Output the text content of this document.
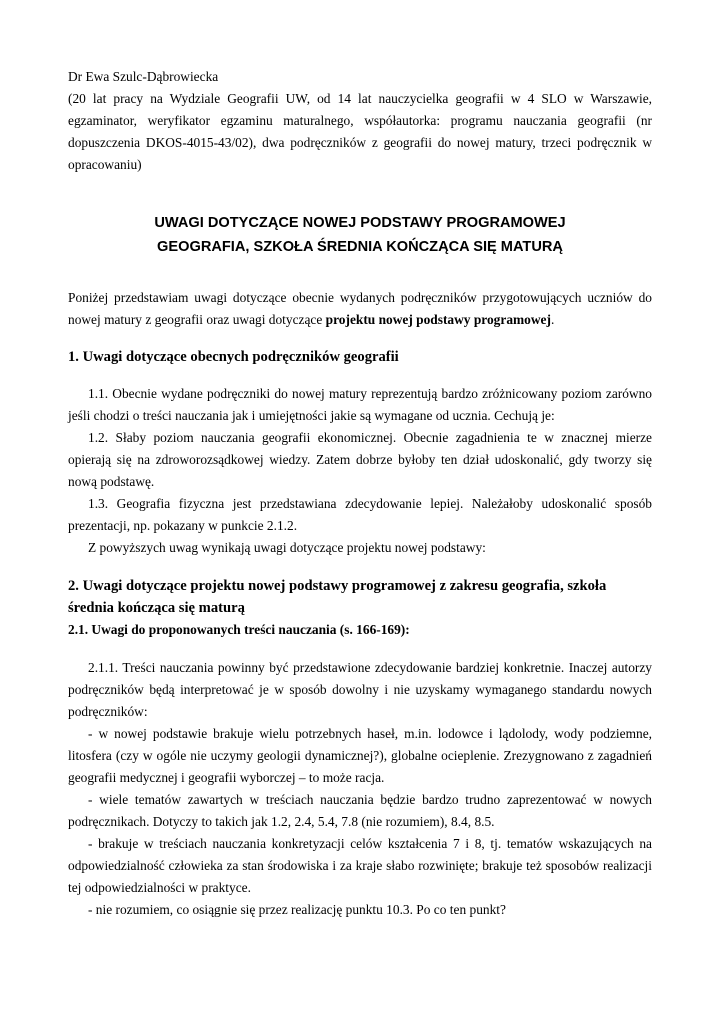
Dr Ewa Szulc-Dąbrowiecka

(20 lat pracy na Wydziale Geografii UW, od 14 lat nauczycielka geografii w 4 SLO w Warszawie, egzaminator, weryfikator egzaminu maturalnego, współautorka: programu nauczania geografii (nr dopuszczenia DKOS-4015-43/02), dwa podręczników z geografii do nowej matury, trzeci podręcznik w opracowaniu)

UWAGI DOTYCZĄCE NOWEJ PODSTAWY PROGRAMOWEJ

GEOGRAFIA, SZKOŁA ŚREDNIA KOŃCZĄCA SIĘ MATURĄ

Poniżej przedstawiam uwagi dotyczące obecnie wydanych podręczników przygotowujących uczniów do nowej matury z geografii oraz uwagi dotyczące projektu nowej podstawy programowej.

1. Uwagi dotyczące obecnych podręczników geografii

1.1. Obecnie wydane podręczniki do nowej matury reprezentują bardzo zróżnicowany poziom zarówno jeśli chodzi o treści nauczania jak i umiejętności jakie są wymagane od ucznia. Cechują je:

1.2. Słaby poziom nauczania geografii ekonomicznej. Obecnie zagadnienia te w znacznej mierze opierają się na zdroworozsądkowej wiedzy. Zatem dobrze byłoby ten dział udoskonalić, gdy tworzy się nową podstawę.

1.3. Geografia fizyczna jest przedstawiana zdecydowanie lepiej. Należałoby udoskonalić sposób prezentacji, np. pokazany w punkcie 2.1.2.

Z powyższych uwag wynikają uwagi dotyczące projektu nowej podstawy:

2. Uwagi dotyczące projektu nowej podstawy programowej z zakresu geografia, szkoła średnia kończąca się maturą

2.1. Uwagi do proponowanych treści nauczania (s. 166-169):

2.1.1. Treści nauczania powinny być przedstawione zdecydowanie bardziej konkretnie. Inaczej autorzy podręczników będą interpretować je w sposób dowolny i nie uzyskamy wymaganego standardu nowych podręczników:

- w nowej podstawie brakuje wielu potrzebnych haseł, m.in. lodowce i lądolody, wody podziemne, litosfera (czy w ogóle nie uczymy geologii dynamicznej?), globalne ocieplenie. Zrezygnowano z zagadnień geografii medycznej i geografii wyborczej – to może racja.

- wiele tematów zawartych w treściach nauczania będzie bardzo trudno zaprezentować w nowych podręcznikach. Dotyczy to takich jak 1.2, 2.4, 5.4, 7.8 (nie rozumiem), 8.4, 8.5.

- brakuje w treściach nauczania konkretyzacji celów kształcenia 7 i 8, tj. tematów wskazujących na odpowiedzialność człowieka za stan środowiska i za kraje słabo rozwinięte; brakuje też sposobów realizacji tej odpowiedzialności w praktyce.

- nie rozumiem, co osiągnie się przez realizację punktu 10.3. Po co ten punkt?
